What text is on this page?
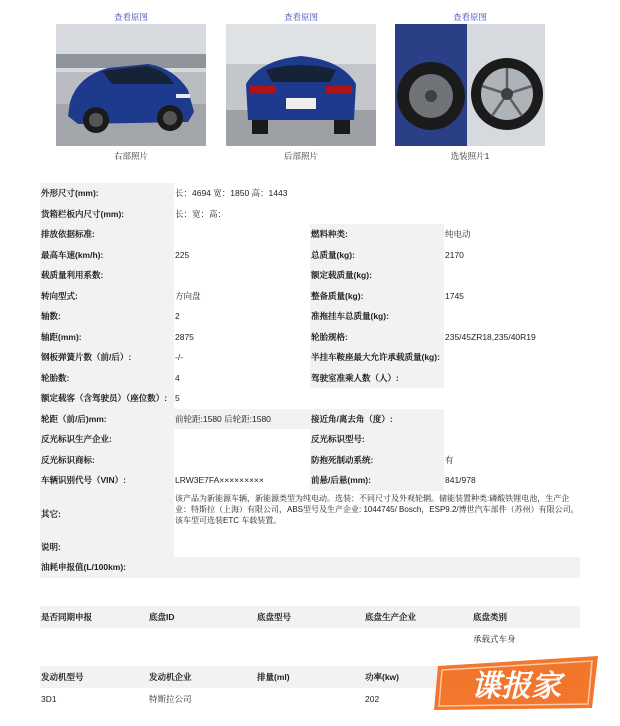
查看原图
右部照片
查看原图
后部照片
查看原图
选装照片1
外形尺寸(mm):	长：4694 宽：1850 高：1443		
货箱栏板内尺寸(mm):	长：宽：高：		
排放依据标准:		燃料种类:	纯电动
最高车速(km/h):	225	总质量(kg):	2170
载质量利用系数:		额定载质量(kg):	
转向型式:	方向盘	整备质量(kg):	1745
轴数:	2	准拖挂车总质量(kg):	
轴距(mm):	2875	轮胎规格:	235/45ZR18,235/40R19
钢板弹簧片数（前/后）:	-/-	半挂车鞍座最大允许承载质量(kg):	
轮胎数:	4	驾驶室准乘人数（人）:	
额定载客（含驾驶员）（座位数）:	5		
轮距（前/后)mm:	前轮距:1580 后轮距:1580	接近角/离去角（度）:	
反光标识生产企业:		反光标识型号:	
反光标识商标:		防抱死制动系统:	有
车辆识别代号（VIN）:	LRW3E7FA×××××××××	前悬/后悬(mm):	841/978
其它:	该产品为新能源车辆，新能源类型为纯电动。选装：不同尺寸及外观轮辋。储能装置种类:磷酸铁锂电池，生产企业：特斯拉（上海）有限公司，ABS型号及生产企业: 1044745/ Bosch，ESP9.2/博世汽车部件（苏州）有限公司。该车型可选装ETC 车载装置。		
说明:			
油耗申报值(L/100km):			
是否同期申报	底盘ID	底盘型号	底盘生产企业	底盘类别
				承载式车身
发动机型号	发动机企业	排量(ml)	功率(kw)	
3D1	特斯拉公司		202		谍报家
